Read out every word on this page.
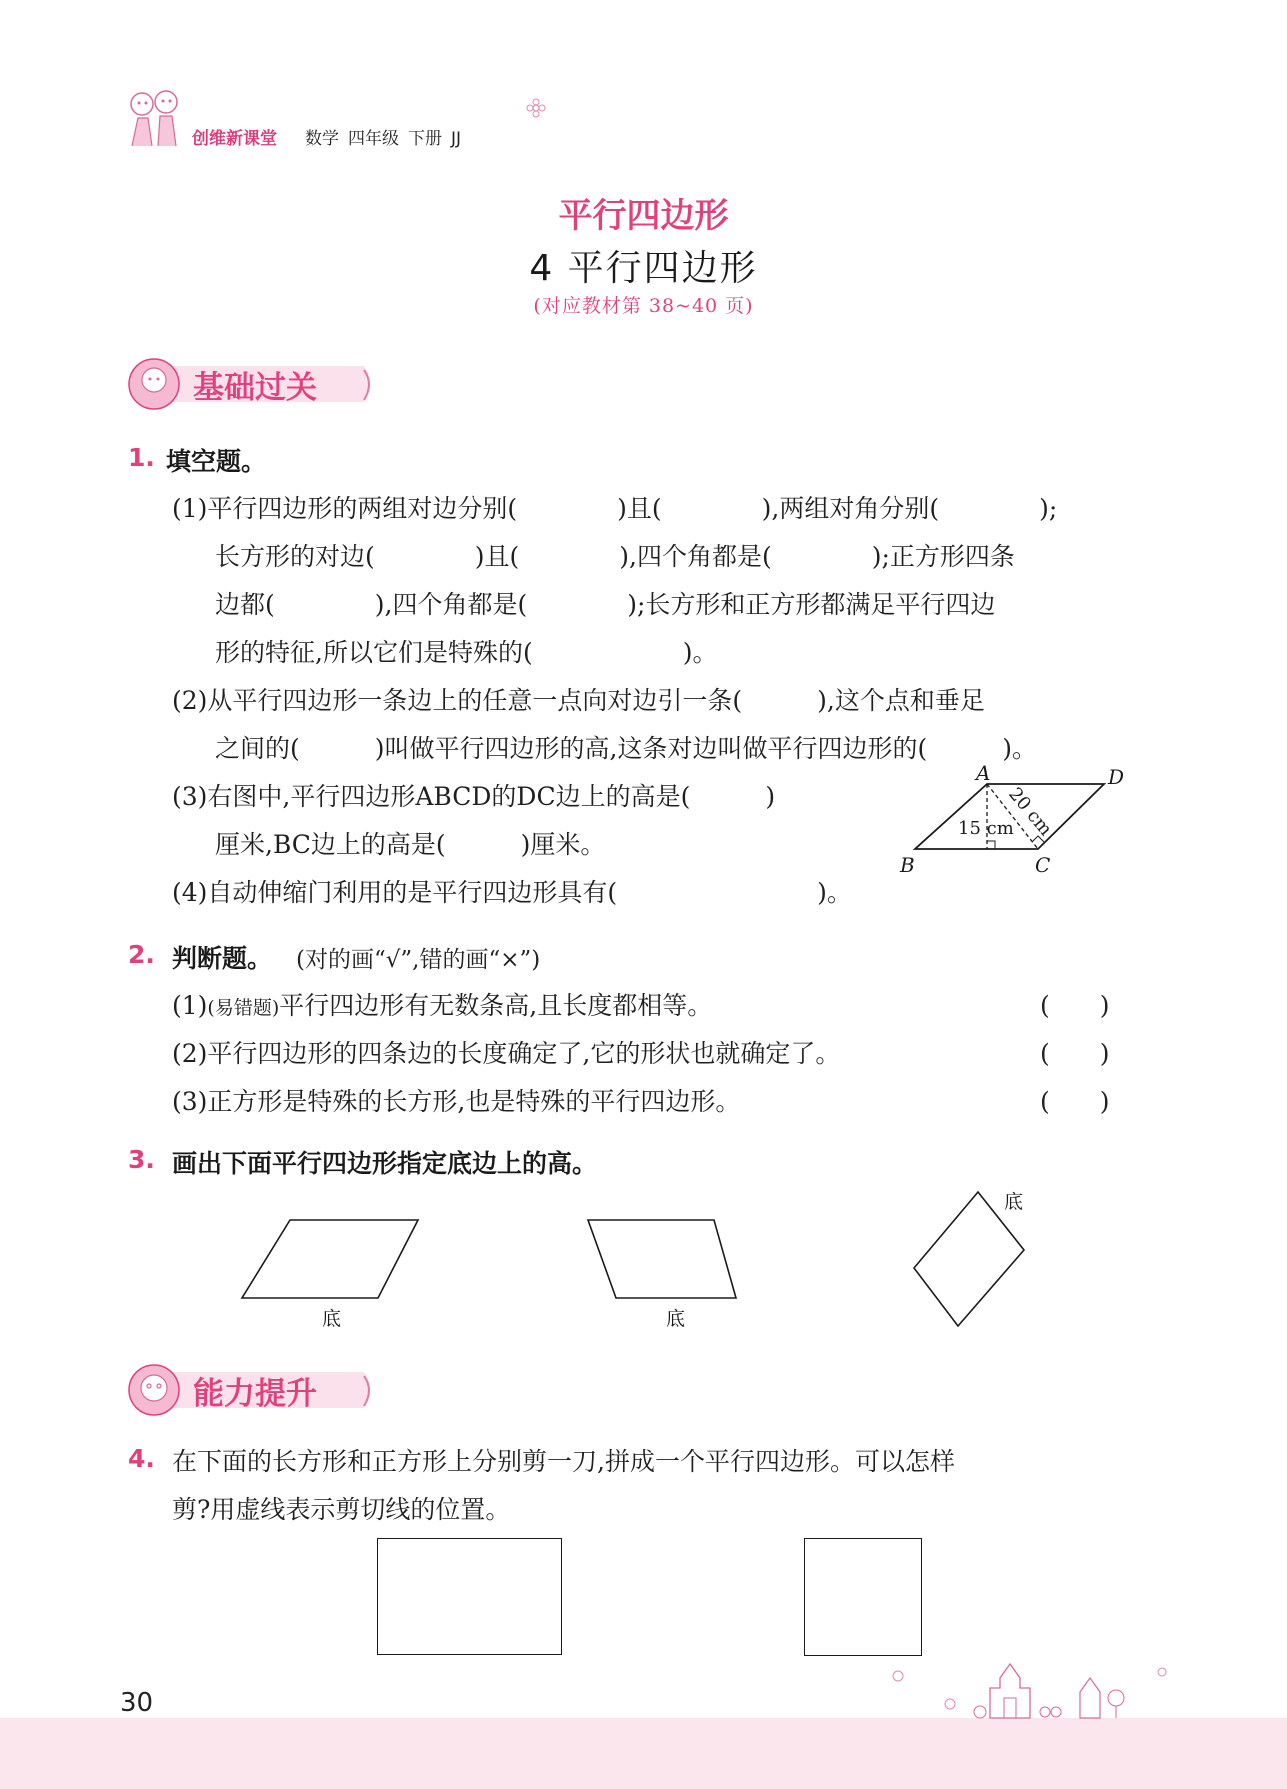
创维新课堂 数学 四年级 下册 JJ
平行四边形
4 平行四边形
(对应教材第 38~40 页)
基础过关
1. 填空题。
(1)平行四边形的两组对边分别(　　　　)且(　　　　),两组对角分别(　　　　);
长方形的对边(　　　　)且(　　　　),四个角都是(　　　　);正方形四条
边都(　　　　),四个角都是(　　　　);长方形和正方形都满足平行四边
形的特征,所以它们是特殊的(　　　　　　)。
(2)从平行四边形一条边上的任意一点向对边引一条(　　　),这个点和垂足
之间的(　　　)叫做平行四边形的高,这条对边叫做平行四边形的(　　　)。
(3)右图中,平行四边形ABCD的DC边上的高是(　　　)
厘米,BC边上的高是(　　　)厘米。
(4)自动伸缩门利用的是平行四边形具有(　　　　　　　　)。
A	D
B	C
20 cm
15 cm
2. 判断题。 (对的画“√”,错的画“×”)
(1)(易错题)平行四边形有无数条高,且长度都相等。	(　　)
(2)平行四边形的四条边的长度确定了,它的形状也就确定了。	(　　)
(3)正方形是特殊的长方形,也是特殊的平行四边形。	(　　)
3. 画出下面平行四边形指定底边上的高。
底	底
底
能力提升
4. 在下面的长方形和正方形上分别剪一刀,拼成一个平行四边形。可以怎样
剪?用虚线表示剪切线的位置。
30
